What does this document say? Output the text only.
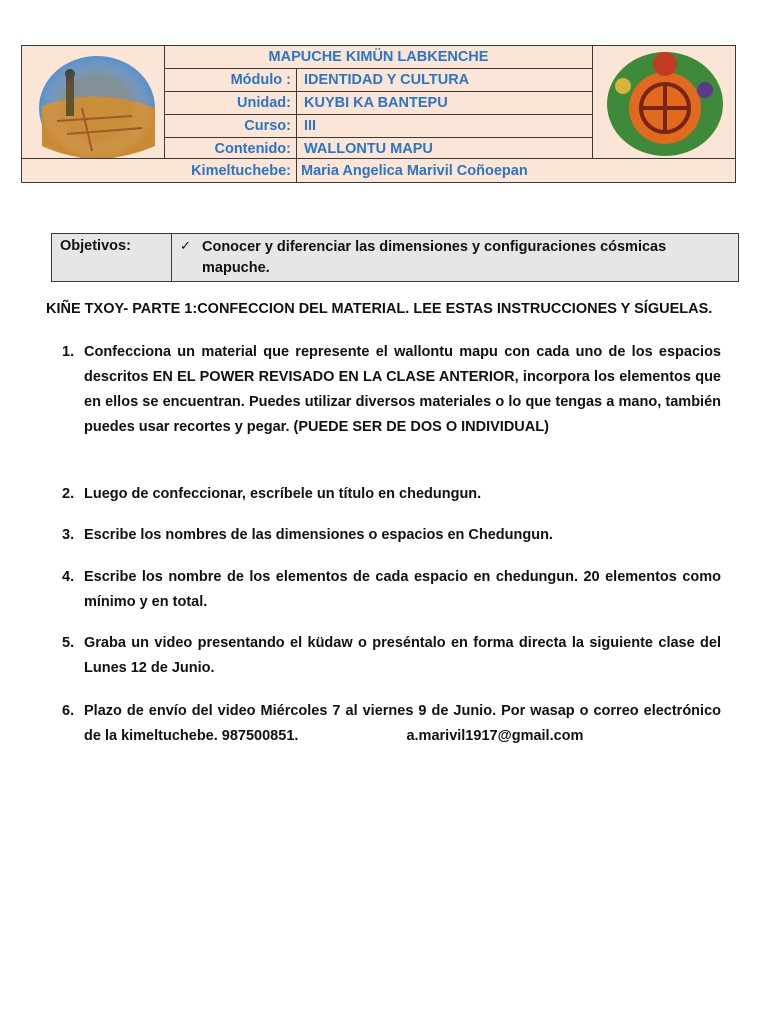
MAPUCHE KIMÜN LABKENCHE
Módulo : IDENTIDAD Y CULTURA
Unidad: KUYBI KA BANTEPU
Curso: III
Contenido: WALLONTU MAPU
Kimeltuchebe: Maria Angelica Marivil Coñoepan
Objetivos:	✓ Conocer y diferenciar las dimensiones y configuraciones cósmicas
mapuche.
KIÑE TXOY- PARTE 1:CONFECCION DEL MATERIAL. LEE ESTAS INSTRUCCIONES Y SÍGUELAS.
1. Confecciona un material que represente el wallontu mapu con cada uno de los espacios descritos EN EL POWER REVISADO EN LA CLASE ANTERIOR, incorpora los elementos que en ellos se encuentran. Puedes utilizar diversos materiales o lo que tengas a mano, también puedes usar recortes y pegar. (PUEDE SER DE DOS O INDIVIDUAL)
2. Luego de confeccionar, escríbele un título en chedungun.
3. Escribe los nombres de las dimensiones o espacios en Chedungun.
4. Escribe los nombre de los elementos de cada espacio en chedungun. 20 elementos como mínimo y en total.
5. Graba un video presentando el küdaw o preséntalo en forma directa la siguiente clase del Lunes 12 de Junio.
6. Plazo de envío del video Miércoles 7 al viernes 9 de Junio. Por wasap o correo electrónico de la kimeltuchebe. 987500851.	a.marivil1917@gmail.com
